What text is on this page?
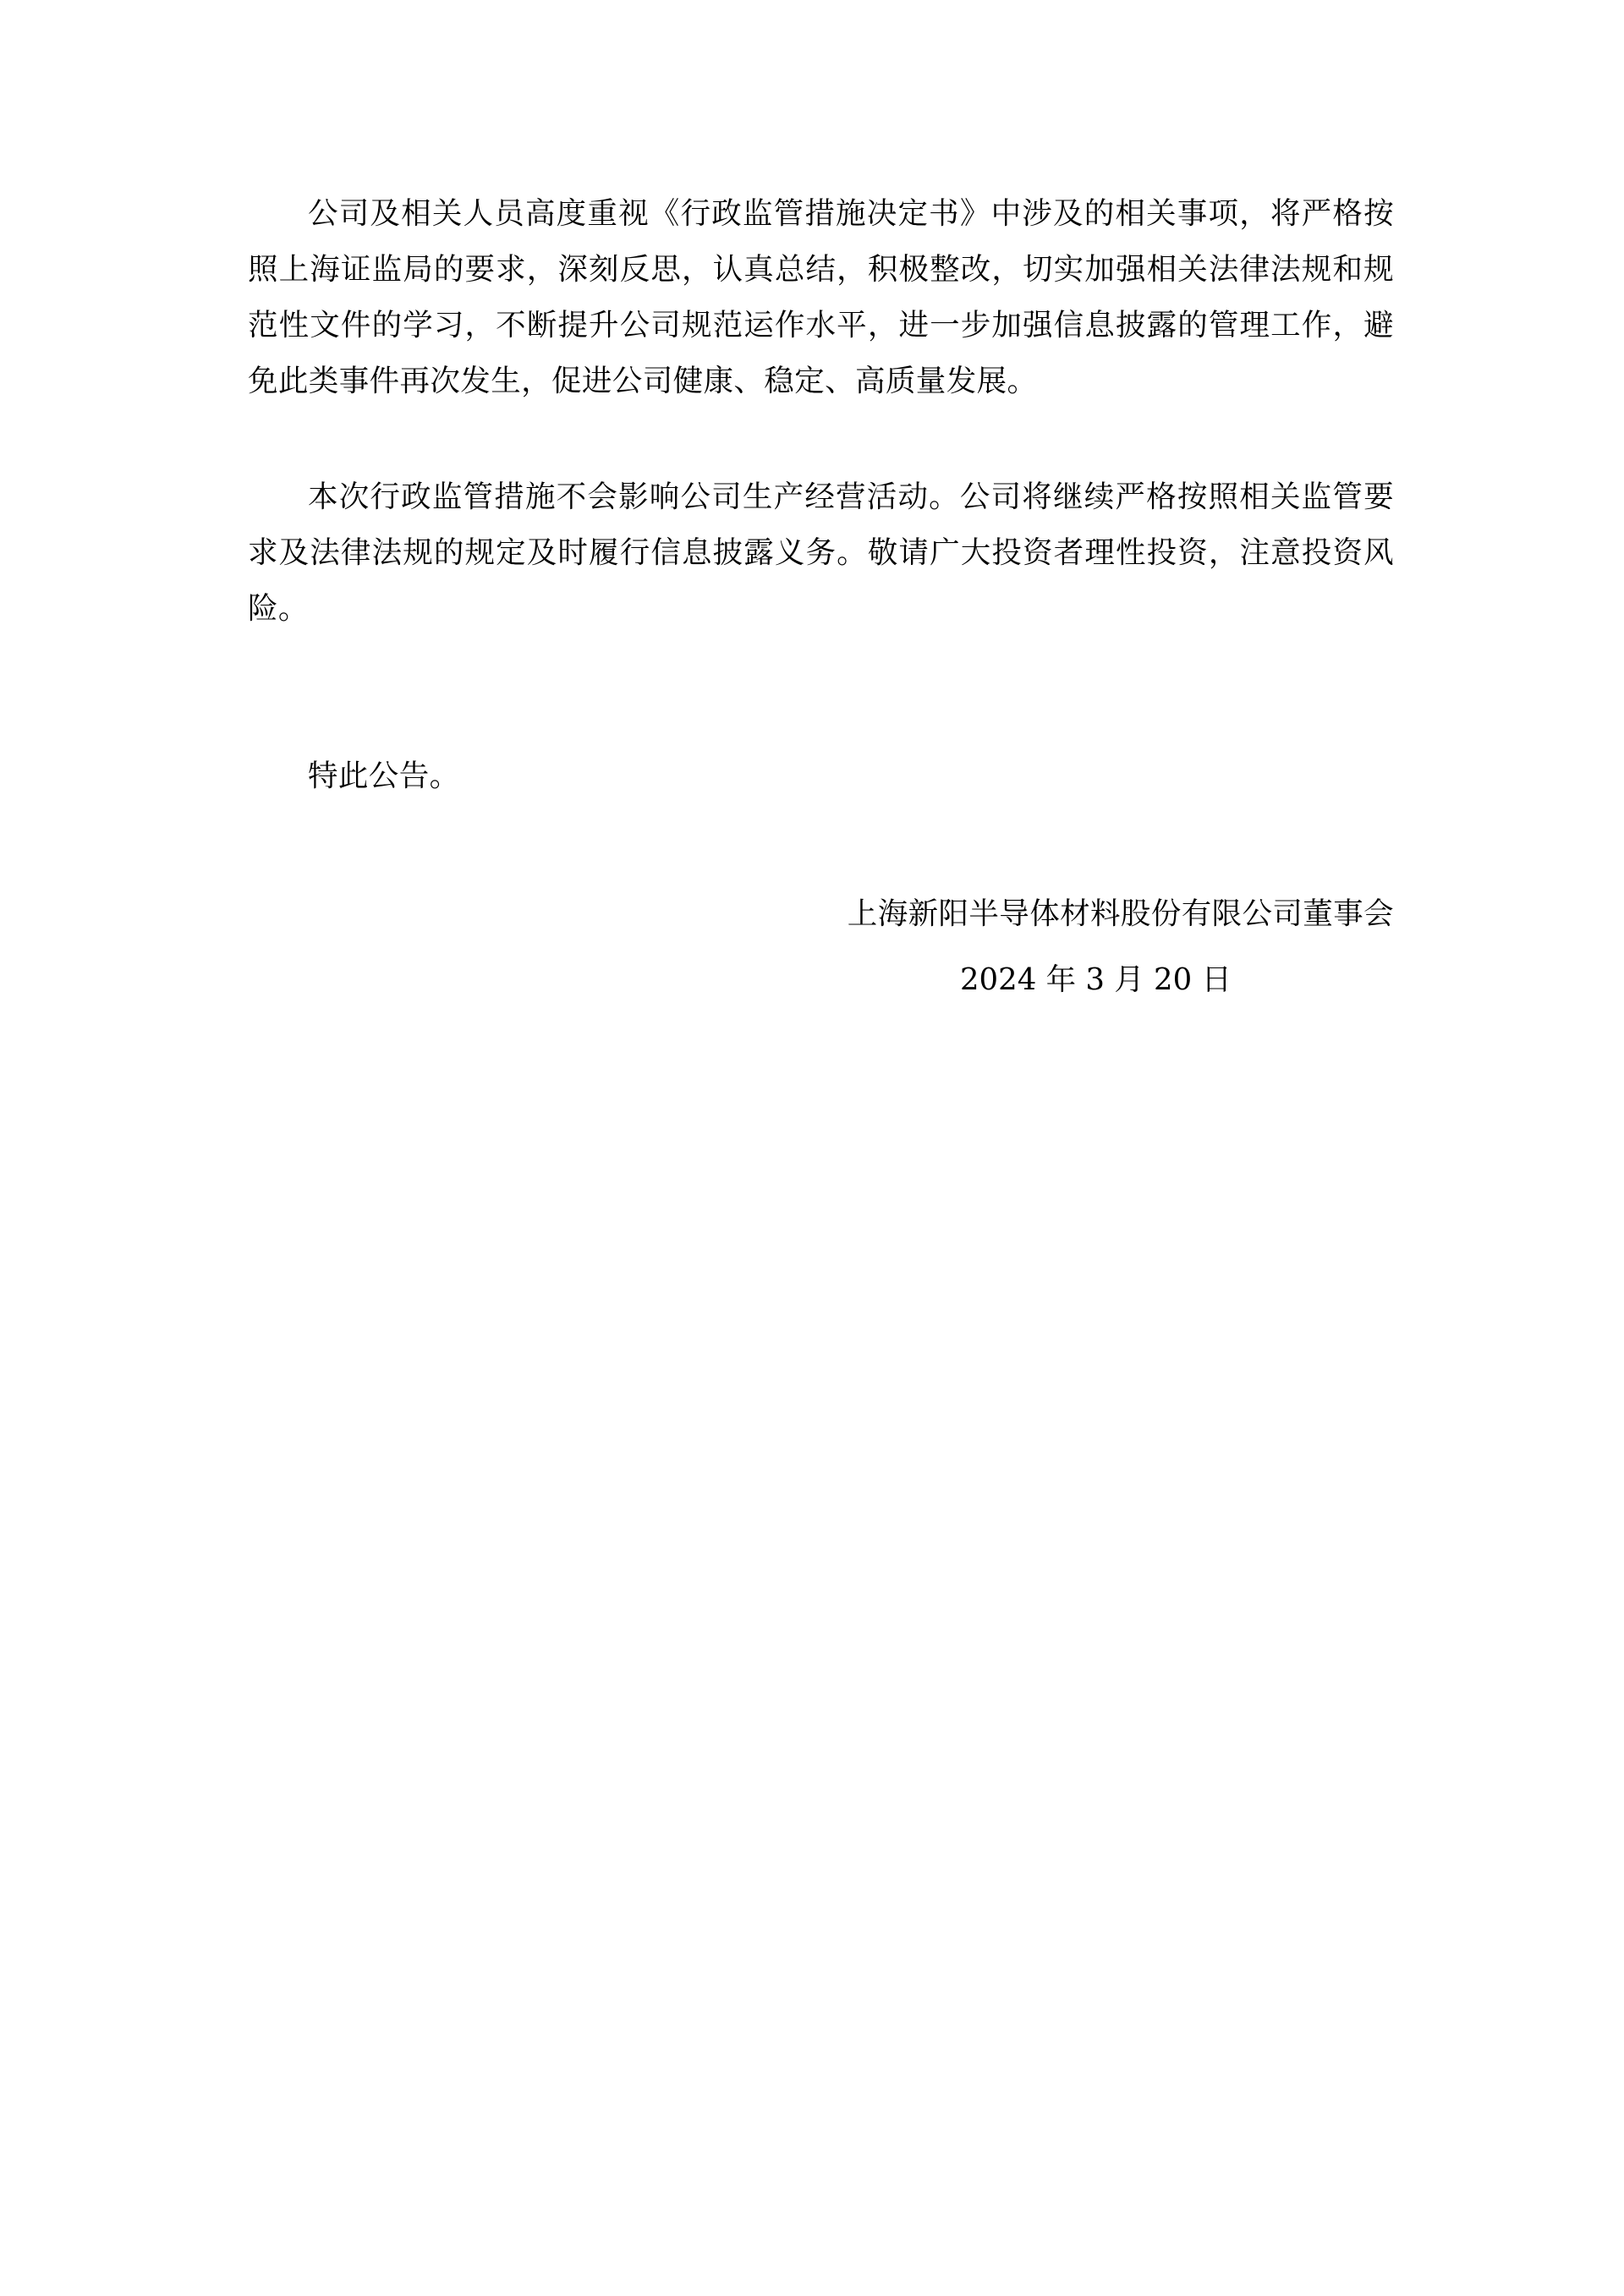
公司及相关人员高度重视《行政监管措施决定书》中涉及的相关事项，将严格按照上海证监局的要求，深刻反思，认真总结，积极整改，切实加强相关法律法规和规范性文件的学习，不断提升公司规范运作水平，进一步加强信息披露的管理工作，避免此类事件再次发生，促进公司健康、稳定、高质量发展。

本次行政监管措施不会影响公司生产经营活动。公司将继续严格按照相关监管要求及法律法规的规定及时履行信息披露义务。敬请广大投资者理性投资，注意投资风险。

特此公告。

上海新阳半导体材料股份有限公司董事会

2024 年 3 月 20 日
